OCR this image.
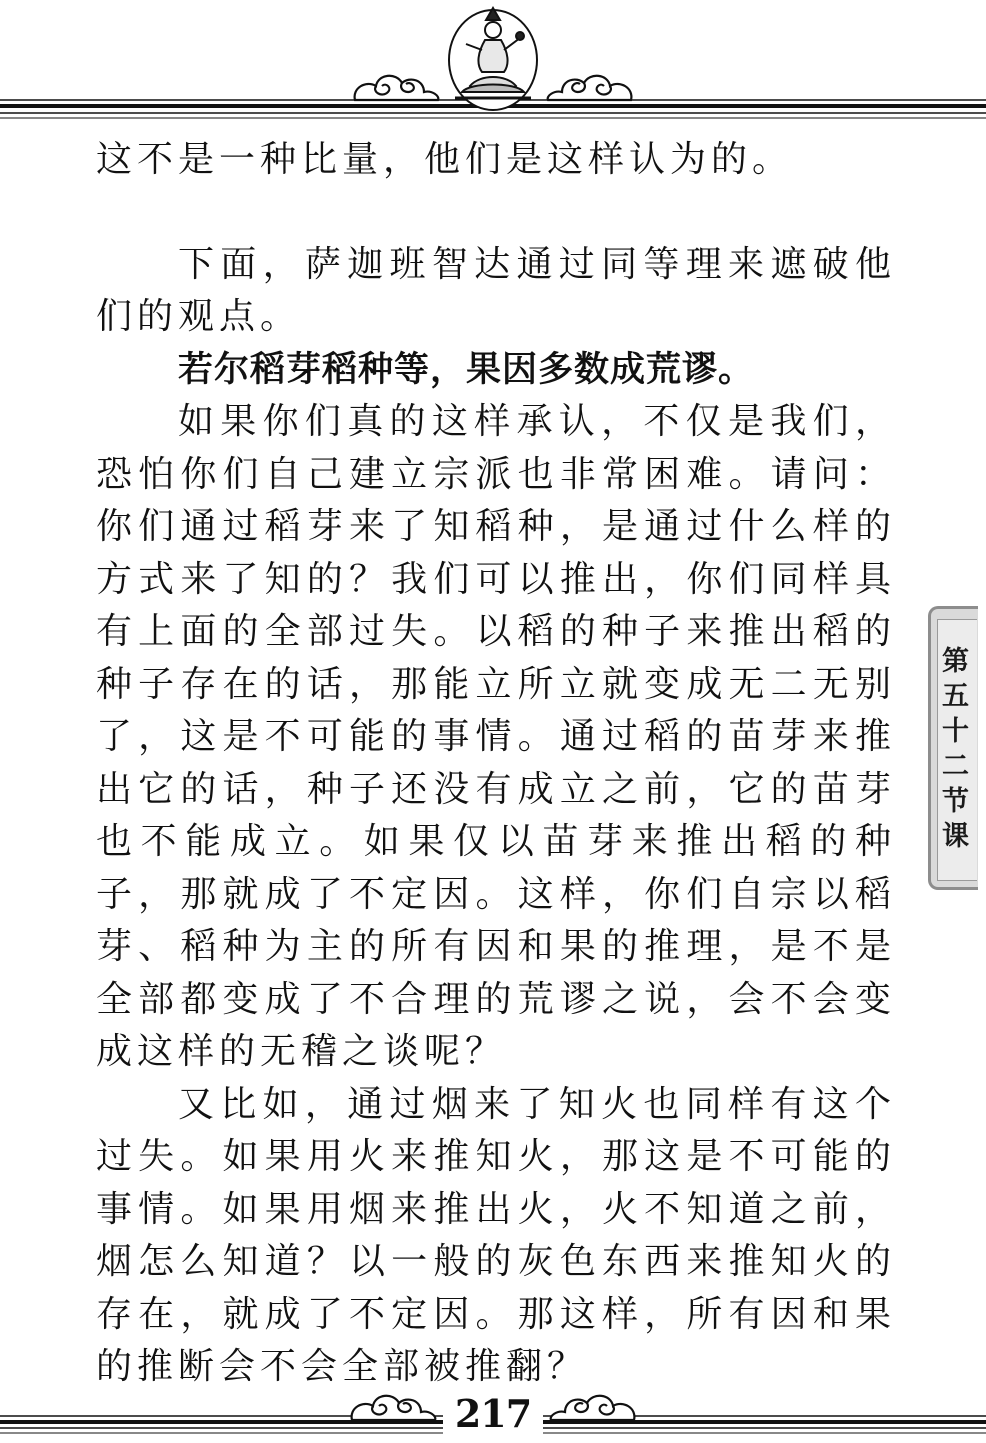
这不是一种比量，他们是这样认为的。

下面，萨迦班智达通过同等理来遮破他们的观点。

若尔稻芽稻种等，果因多数成荒谬。

如果你们真的这样承认，不仅是我们，恐怕你们自己建立宗派也非常困难。请问：你们通过稻芽来了知稻种，是通过什么样的方式来了知的？我们可以推出，你们同样具有上面的全部过失。以稻的种子来推出稻的种子存在的话，那能立所立就变成无二无别了，这是不可能的事情。通过稻的苗芽来推出它的话，种子还没有成立之前，它的苗芽也不能成立。如果仅以苗芽来推出稻的种子，那就成了不定因。这样，你们自宗以稻芽、稻种为主的所有因和果的推理，是不是全部都变成了不合理的荒谬之说，会不会变成这样的无稽之谈呢？

又比如，通过烟来了知火也同样有这个过失。如果用火来推知火，那这是不可能的事情。如果用烟来推出火，火不知道之前，烟怎么知道？以一般的灰色东西来推知火的存在，就成了不定因。那这样，所有因和果的推断会不会全部被推翻？

第五十二节课
217
